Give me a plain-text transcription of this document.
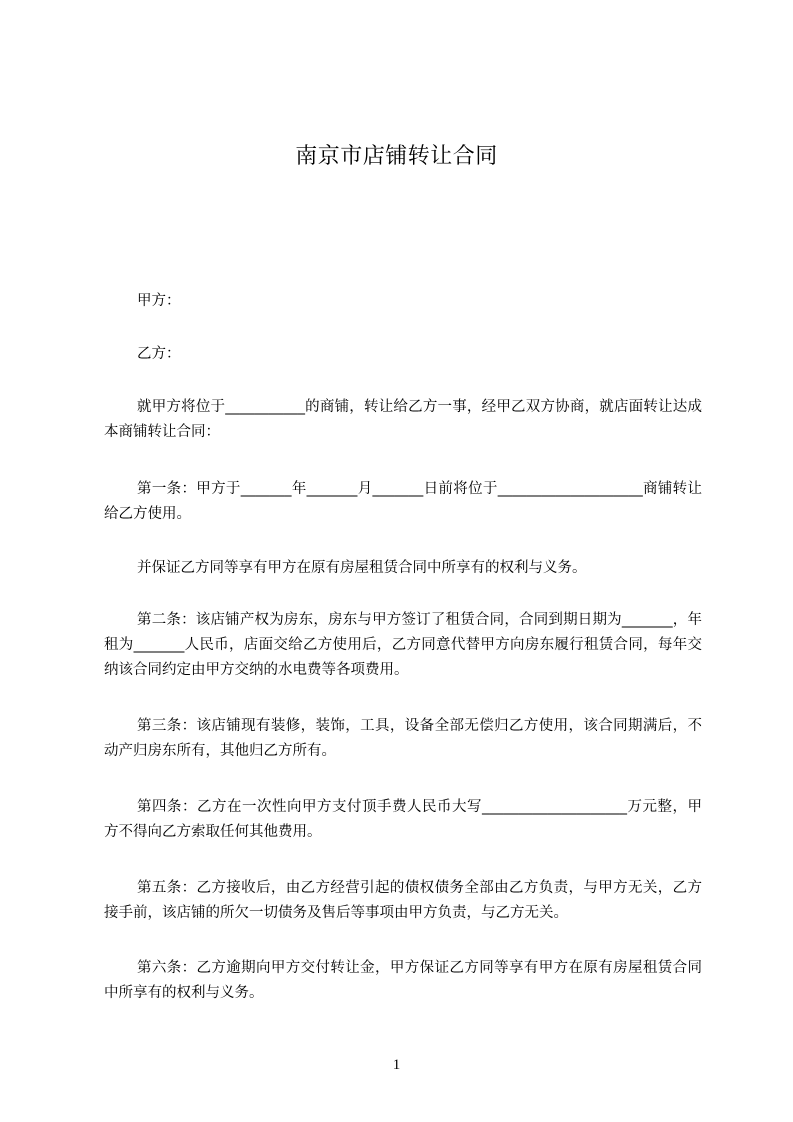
南京市店铺转让合同
甲方：
乙方：
就甲方将位于___________的商铺，转让给乙方一事，经甲乙双方协商，就店面转让达成本商铺转让合同：
第一条：甲方于_______年_______月_______日前将位于____________________商铺转让给乙方使用。
并保证乙方同等享有甲方在原有房屋租赁合同中所享有的权利与义务。
第二条：该店铺产权为房东，房东与甲方签订了租赁合同，合同到期日期为_______，年租为_______人民币，店面交给乙方使用后，乙方同意代替甲方向房东履行租赁合同，每年交纳该合同约定由甲方交纳的水电费等各项费用。
第三条：该店铺现有装修，装饰，工具，设备全部无偿归乙方使用，该合同期满后，不动产归房东所有，其他归乙方所有。
第四条：乙方在一次性向甲方支付顶手费人民币大写____________________万元整，甲方不得向乙方索取任何其他费用。
第五条：乙方接收后，由乙方经营引起的债权债务全部由乙方负责，与甲方无关，乙方接手前，该店铺的所欠一切债务及售后等事项由甲方负责，与乙方无关。
第六条：乙方逾期向甲方交付转让金，甲方保证乙方同等享有甲方在原有房屋租赁合同中所享有的权利与义务。
1
